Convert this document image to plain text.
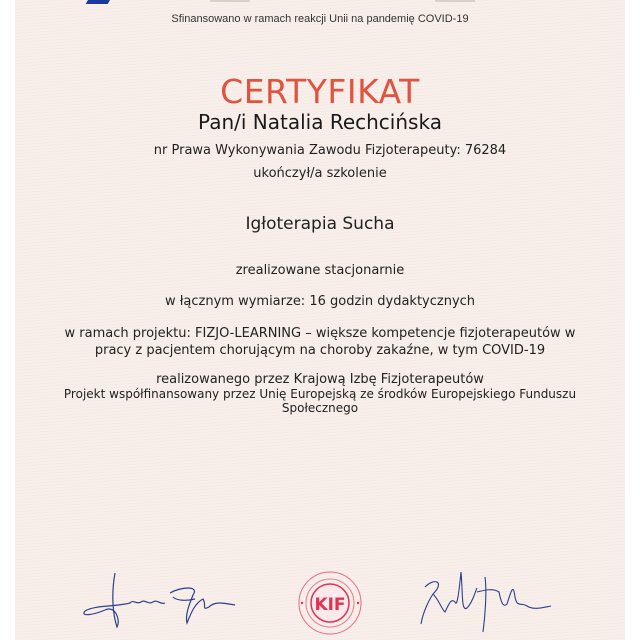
Sfinansowano w ramach reakcji Unii na pandemię COVID-19
CERTYFIKAT
Pan/i Natalia Rechcińska
nr Prawa Wykonywania Zawodu Fizjoterapeuty: 76284
ukończył/a szkolenie
Igłoterapia Sucha
zrealizowane stacjonarnie
w łącznym wymiarze: 16 godzin dydaktycznych
w ramach projektu: FIZJO-LEARNING – większe kompetencje fizjoterapeutów w pracy z pacjentem chorującym na choroby zakaźne, w tym COVID-19
realizowanego przez Krajową Izbę Fizjoterapeutów
Projekt współfinansowany przez Unię Europejską ze środków Europejskiego Funduszu Społecznego
KIF
